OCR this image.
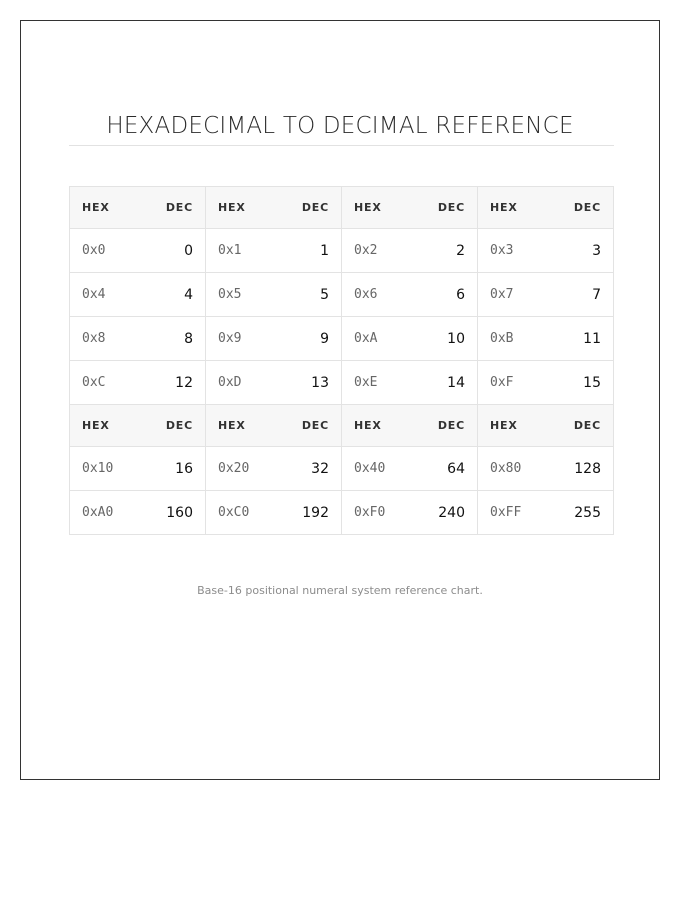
HEXADECIMAL TO DECIMAL REFERENCE
HEX	DEC	HEX	DEC	HEX	DEC	HEX	DEC
0x0	0	0x1	1	0x2	2	0x3	3
0x4	4	0x5	5	0x6	6	0x7	7
0x8	8	0x9	9	0xA	10	0xB	11
0xC	12	0xD	13	0xE	14	0xF	15
HEX	DEC	HEX	DEC	HEX	DEC	HEX	DEC
0x10	16	0x20	32	0x40	64	0x80	128
0xA0	160	0xC0	192	0xF0	240	0xFF	255
Base-16 positional numeral system reference chart.
